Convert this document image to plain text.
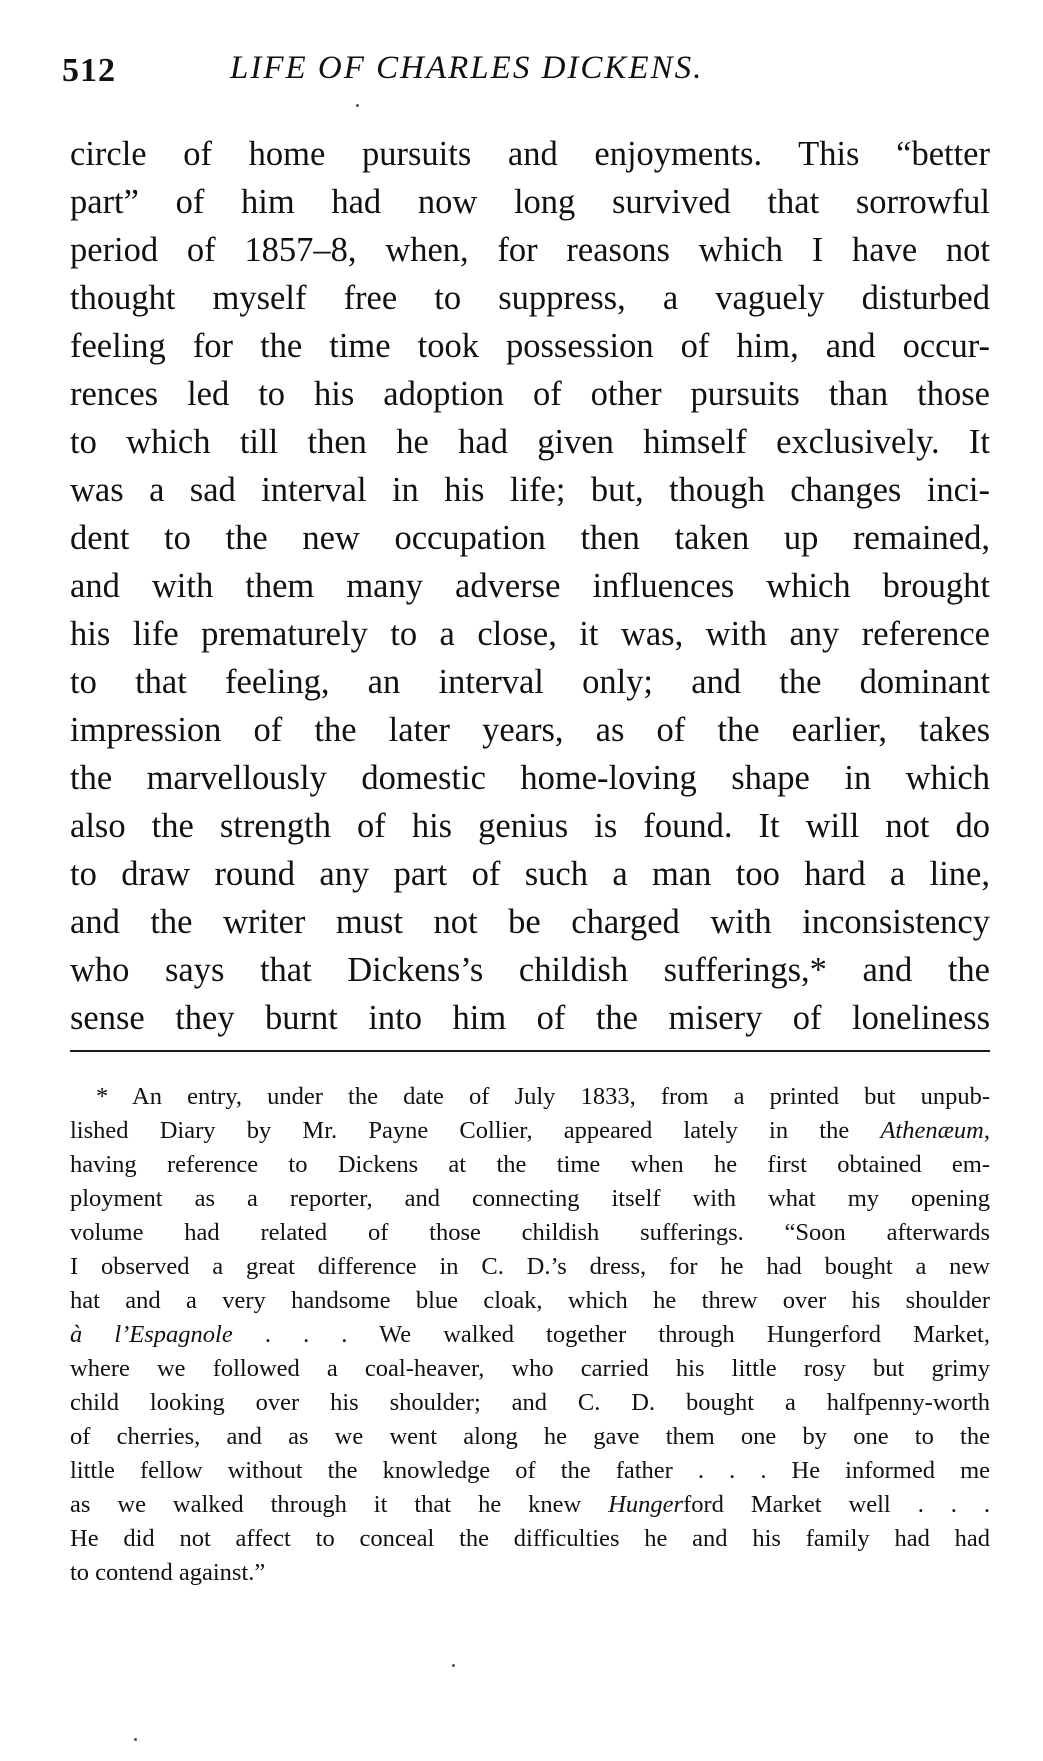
512	LIFE OF CHARLES DICKENS.
circle of home pursuits and enjoyments. This “better
part” of him had now long survived that sorrowful
period of 1857–8, when, for reasons which I have not
thought myself free to suppress, a vaguely disturbed
feeling for the time took possession of him, and occur-
rences led to his adoption of other pursuits than those
to which till then he had given himself exclusively. It
was a sad interval in his life; but, though changes inci-
dent to the new occupation then taken up remained,
and with them many adverse influences which brought
his life prematurely to a close, it was, with any reference
to that feeling, an interval only; and the dominant
impression of the later years, as of the earlier, takes
the marvellously domestic home-loving shape in which
also the strength of his genius is found. It will not do
to draw round any part of such a man too hard a line,
and the writer must not be charged with inconsistency
who says that Dickens’s childish sufferings,* and the
sense they burnt into him of the misery of loneliness
* An entry, under the date of July 1833, from a printed but unpub-
lished Diary by Mr. Payne Collier, appeared lately in the Athenæum,
having reference to Dickens at the time when he first obtained em-
ployment as a reporter, and connecting itself with what my opening
volume had related of those childish sufferings. “Soon afterwards
I observed a great difference in C. D.’s dress, for he had bought a new
hat and a very handsome blue cloak, which he threw over his shoulder
à l’Espagnole . . . We walked together through Hungerford Market,
where we followed a coal-heaver, who carried his little rosy but grimy
child looking over his shoulder; and C. D. bought a halfpenny-worth
of cherries, and as we went along he gave them one by one to the
little fellow without the knowledge of the father . . . He informed me
as we walked through it that he knew Hungerford Market well . . .
He did not affect to conceal the difficulties he and his family had had
to contend against.”
